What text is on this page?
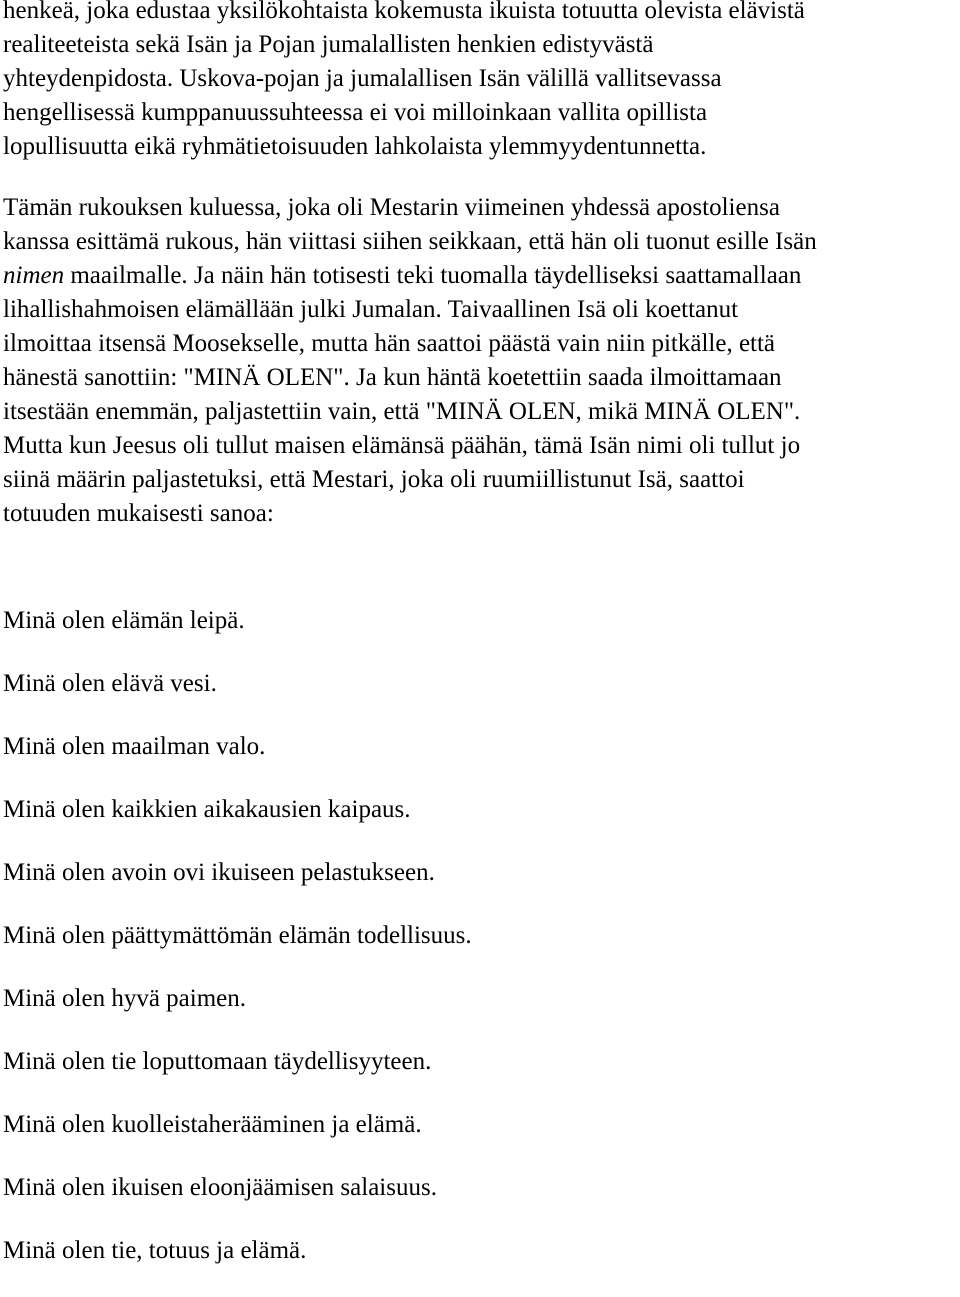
henkeä, joka edustaa yksilökohtaista kokemusta ikuista totuutta olevista elävistä
realiteeteista sekä Isän ja Pojan jumalallisten henkien edistyvästä
yhteydenpidosta. Uskova-pojan ja jumalallisen Isän välillä vallitsevassa
hengellisessä kumppanuussuhteessa ei voi milloinkaan vallita opillista
lopullisuutta eikä ryhmätietoisuuden lahkolaista ylemmyydentunnetta.

Tämän rukouksen kuluessa, joka oli Mestarin viimeinen yhdessä apostoliensa
kanssa esittämä rukous, hän viittasi siihen seikkaan, että hän oli tuonut esille Isän
nimen maailmalle. Ja näin hän totisesti teki tuomalla täydelliseksi saattamallaan
lihallishahmoisen elämällään julki Jumalan. Taivaallinen Isä oli koettanut
ilmoittaa itsensä Moosekselle, mutta hän saattoi päästä vain niin pitkälle, että
hänestä sanottiin: "MINÄ OLEN". Ja kun häntä koetettiin saada ilmoittamaan
itsestään enemmän, paljastettiin vain, että "MINÄ OLEN, mikä MINÄ OLEN".
Mutta kun Jeesus oli tullut maisen elämänsä päähän, tämä Isän nimi oli tullut jo
siinä määrin paljastetuksi, että Mestari, joka oli ruumiillistunut Isä, saattoi
totuuden mukaisesti sanoa:

Minä olen elämän leipä.

Minä olen elävä vesi.

Minä olen maailman valo.

Minä olen kaikkien aikakausien kaipaus.

Minä olen avoin ovi ikuiseen pelastukseen.

Minä olen päättymättömän elämän todellisuus.

Minä olen hyvä paimen.

Minä olen tie loputtomaan täydellisyyteen.

Minä olen kuolleistaherääminen ja elämä.

Minä olen ikuisen eloonjäämisen salaisuus.

Minä olen tie, totuus ja elämä.
